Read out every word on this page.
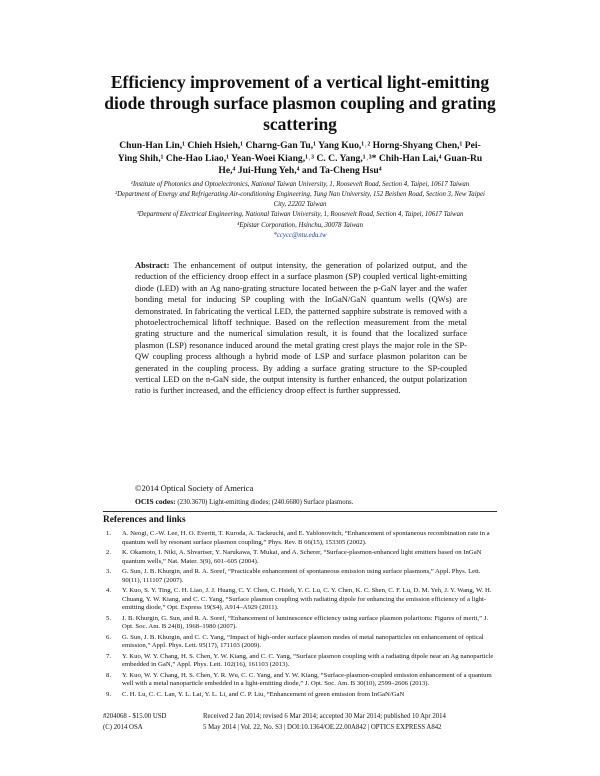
Efficiency improvement of a vertical light-emitting diode through surface plasmon coupling and grating scattering
Chun-Han Lin,¹ Chieh Hsieh,¹ Charng-Gan Tu,¹ Yang Kuo,¹˒² Horng-Shyang Chen,¹ Pei-Ying Shih,¹ Che-Hao Liao,¹ Yean-Woei Kiang,¹˒³ C. C. Yang,¹˒³* Chih-Han Lai,⁴ Guan-Ru He,⁴ Jui-Hung Yeh,⁴ and Ta-Cheng Hsu⁴
¹Institute of Photonics and Optoelectronics, National Taiwan University, 1, Roosevelt Road, Section 4, Taipei, 10617 Taiwan
²Department of Energy and Refrigerating Air-conditioning Engineering, Tung Nan University, 152 Beishen Road, Section 3, New Taipei City, 22202 Taiwan
³Department of Electrical Engineering, National Taiwan University, 1, Roosevelt Road, Section 4, Taipei, 10617 Taiwan
⁴Epistar Corporation, Hsinchu, 30078 Taiwan
*ccycc@ntu.edu.tw
Abstract: The enhancement of output intensity, the generation of polarized output, and the reduction of the efficiency droop effect in a surface plasmon (SP) coupled vertical light-emitting diode (LED) with an Ag nano-grating structure located between the p-GaN layer and the wafer bonding metal for inducing SP coupling with the InGaN/GaN quantum wells (QWs) are demonstrated. In fabricating the vertical LED, the patterned sapphire substrate is removed with a photoelectrochemical liftoff technique. Based on the reflection measurement from the metal grating structure and the numerical simulation result, it is found that the localized surface plasmon (LSP) resonance induced around the metal grating crest plays the major role in the SP-QW coupling process although a hybrid mode of LSP and surface plasmon polariton can be generated in the coupling process. By adding a surface grating structure to the SP-coupled vertical LED on the n-GaN side, the output intensity is further enhanced, the output polarization ratio is further increased, and the efficiency droop effect is further suppressed.
©2014 Optical Society of America
OCIS codes: (230.3670) Light-emitting diodes; (240.6680) Surface plasmons.
References and links
1. A. Neogi, C.-W. Lee, H. O. Everitt, T. Kuroda, A. Tackeuchi, and E. Yablonovitch, “Enhancement of spontaneous recombination rate in a quantum well by resonant surface plasmon coupling,” Phys. Rev. B 66(15), 153305 (2002).
2. K. Okamoto, I. Niki, A. Shvartser, Y. Narukawa, T. Mukai, and A. Scherer, “Surface-plasmon-enhanced light emitters based on InGaN quantum wells,” Nat. Mater. 3(9), 601–605 (2004).
3. G. Sun, J. B. Khurgin, and R. A. Soref, “Practicable enhancement of spontaneous emission using surface plasmons,” Appl. Phys. Lett. 90(11), 111107 (2007).
4. Y. Kuo, S. Y. Ting, C. H. Liao, J. J. Huang, C. Y. Chen, C. Hsieh, Y. C. Lu, C. Y. Chen, K. C. Shen, C. F. Lu, D. M. Yeh, J. Y. Wang, W. H. Chuang, Y. W. Kiang, and C. C. Yang, “Surface plasmon coupling with radiating dipole for enhancing the emission efficiency of a light-emitting diode,” Opt. Express 19(S4), A914–A929 (2011).
5. J. B. Khurgin, G. Sun, and R. A. Soref, “Enhancement of luminescence efficiency using surface plasmon polaritons: Figures of merit,” J. Opt. Soc. Am. B 24(8), 1968–1980 (2007).
6. G. Sun, J. B. Khurgin, and C. C. Yang, “Impact of high-order surface plasmon modes of metal nanoparticles on enhancement of optical emission,” Appl. Phys. Lett. 95(17), 171103 (2009).
7. Y. Kuo, W. Y. Chang, H. S. Chen, Y. W. Kiang, and C. C. Yang, “Surface plasmon coupling with a radiating dipole near an Ag nanoparticle embedded in GaN,” Appl. Phys. Lett. 102(16), 161103 (2013).
8. Y. Kuo, W. Y. Chang, H. S. Chen, Y. R. Wu, C. C. Yang, and Y. W. Kiang, “Surface-plasmon-coupled emission enhancement of a quantum well with a metal nanoparticle embedded in a light-emitting diode,” J. Opt. Soc. Am. B 30(10), 2599–2606 (2013).
9. C. H. Lu, C. C. Lan, Y. L. Lai, Y. L. Li, and C. P. Liu, “Enhancement of green emission from InGaN/GaN
#204068 - $15.00 USD	Received 2 Jan 2014; revised 6 Mar 2014; accepted 30 Mar 2014; published 10 Apr 2014
(C) 2014 OSA	5 May 2014 | Vol. 22, No. S3 | DOI:10.1364/OE.22.00A842 | OPTICS EXPRESS A842
